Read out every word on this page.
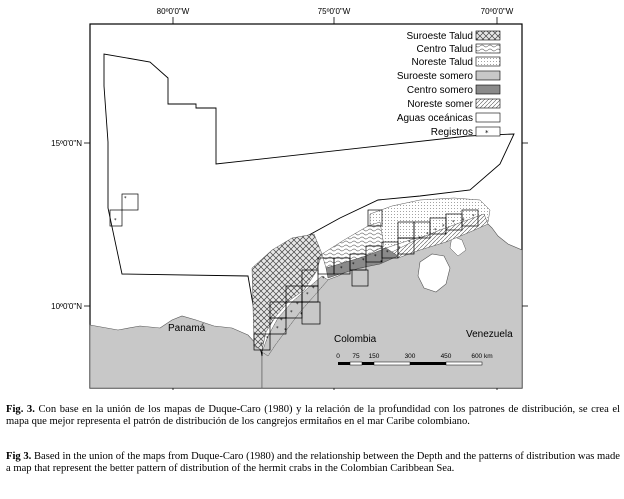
80º0'0"W	75º0'0"W	70º0'0"W
15º0'0"N
10º0'0"N
*
*
*
*
*
*
*
*
*
*
*
*
*
*
*
*
*
*
*
*
*
*
* *
*
*
*
*
*
Panamá
Colombia	Venezuela
Suroeste Talud
Centro Talud
Noreste Talud
Suroeste somero
Centro somero
Noreste somer
Aguas oceánicas
Registros *
0 75 150	300	450	600 km
Fig. 3. Con base en la unión de los mapas de Duque-Caro (1980) y la relación de la profundidad con los patrones de distribución, se crea el mapa que mejor representa el patrón de distribución de los cangrejos ermitaños en el mar Caribe colombiano.
Fig 3. Based in the union of the maps from Duque-Caro (1980) and the relationship between the Depth and the patterns of distribution was made a map that represent the better pattern of distribution of the hermit crabs in the Colombian Caribbean Sea.
